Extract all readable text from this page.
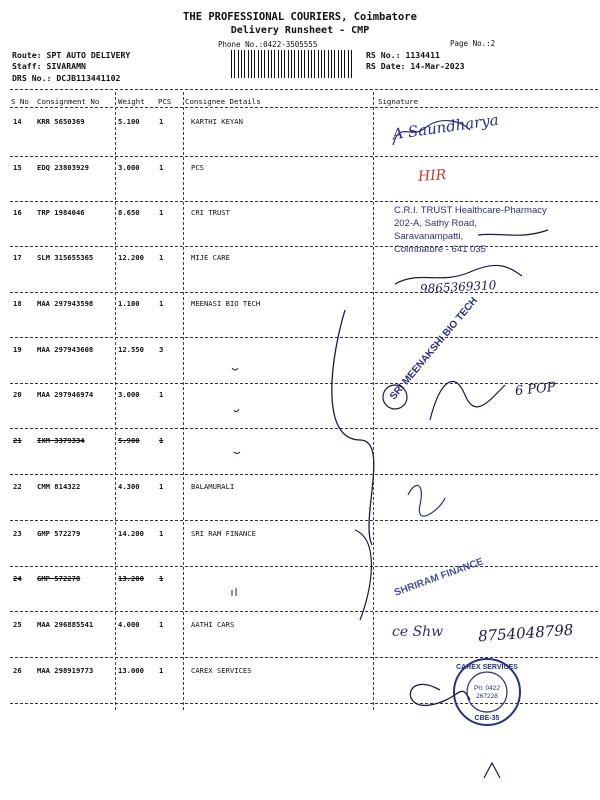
THE PROFESSIONAL COURIERS, Coimbatore
Delivery Runsheet - CMP
Phone No.:0422-3505555	Page No.:2
Route: SPT AUTO DELIVERY
Staff: SIVARAMN
DRS No.: DCJB113441102
RS No.: 1134411
RS Date: 14-Mar-2023
S No Consignment No	Weight PCS Consignee Details	Signature
14 KRR 5650369	5.100	1	KARTHI KEYAN
15 EDQ 23803929	3.000	1	PCS
16 TRP 1984046	8.650	1	CRI TRUST
17 SLM 315655365	12.200 1	MIJE CARE
18 MAA 297943598	1.100	1	MEENASI BIO TECH
19 MAA 297943608	12.550 3
20 MAA 297946974	3.000	1
21 IXM 3379334	5.900	1
22 CMM 814322	4.300	1	BALAMURALI
23 GMP 572279	14.200 1	SRI RAM FINANCE
24 GMP 572278	13.200 1
25 MAA 296885541	4.000	1	AATHI CARS
26 MAA 298919773	13.000 1	CAREX SERVICES
A Saundharya
HIR
C.R.I. TRUST Healthcare-Pharmacy
202-A, Sathy Road,
Saravanampatti,
Coimbatore - 641 035
9865369310
SRI MEENAKSHI BIO TECH	6 POP
SHRIRAM FINANCE
ce Shw 8754048798
CAREX SERVICES
Ph: 0422
267228
CBE-35
